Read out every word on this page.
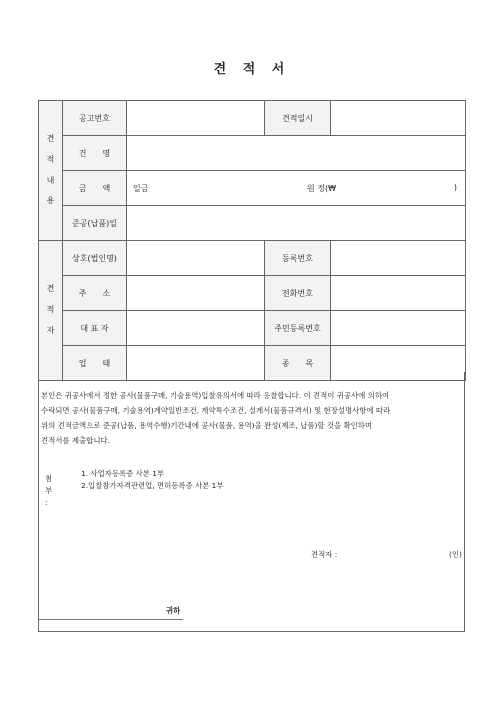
견 적 서
견
적
내
용	공고번호		견적일시	
	건　　명			
	금　　액	일금 원 정(₩ )		

	준공(납품)일			

견
적
자	상호(법인명)		등록번호	
	주　　소		전화번호	
	대 표 자		주민등록번호	
	업　　태		종　　목	
본인은 귀공사에서 정한 공사(물품구매, 기술용역)입찰유의서에 따라 응찰합니다. 이 견적이 귀공사에 의하여
수락되면 공사(물품구매, 기술용역)계약일반조건, 계약특수조건, 설계서(물품규격서) 및 현장설명사항에 따라
위의 견적금액으로 준공(납품, 용역수행)기간내에 공사(물품, 용역)을 완성(제조, 납품)할 것을 확인하며
견적서를 제출합니다.
첨 부 :
1. 사업자등록증 사본 1부
2.입찰참가자격관련업, 면허등록증 사본 1부
견적자 :	(인)
귀하
